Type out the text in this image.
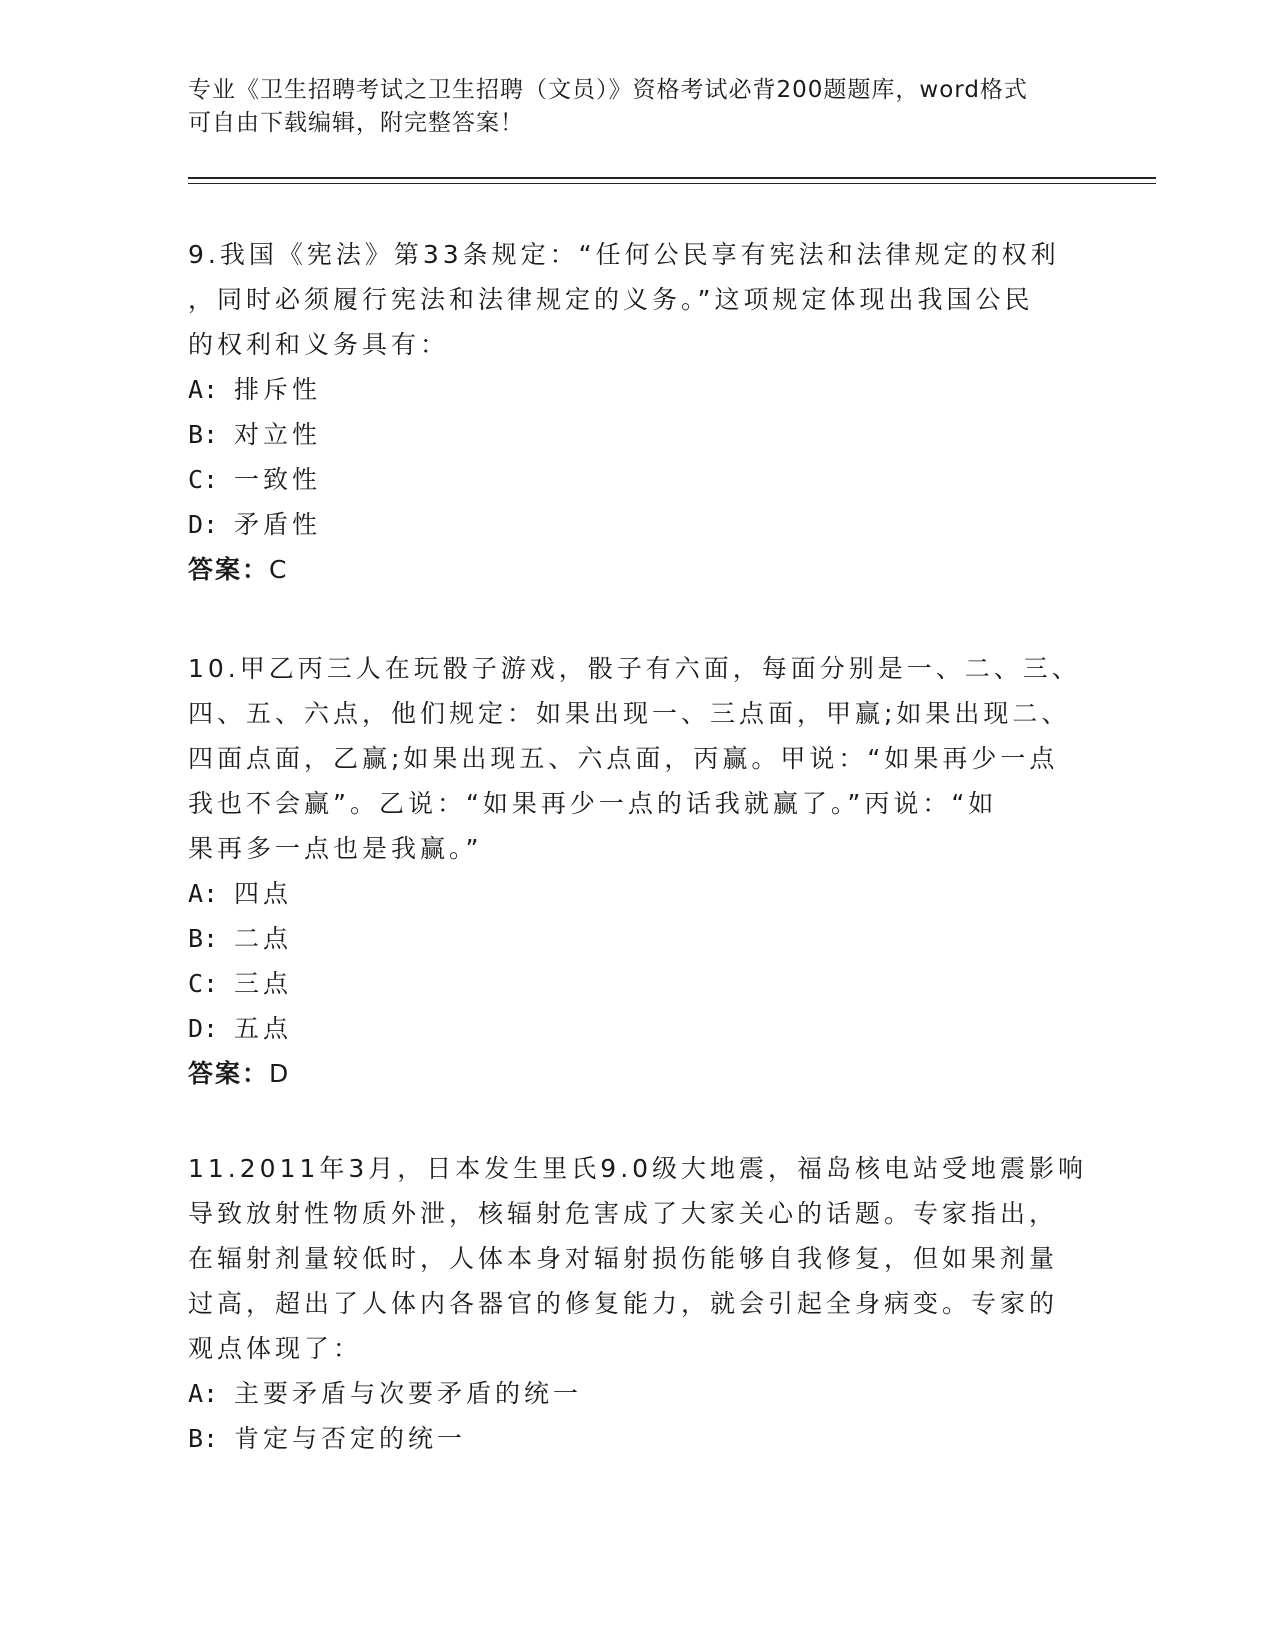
专业《卫生招聘考试之卫生招聘（文员）》资格考试必背200题题库，word格式
可自由下载编辑，附完整答案！
9.我国《宪法》第33条规定：“任何公民享有宪法和法律规定的权利
，同时必须履行宪法和法律规定的义务。”这项规定体现出我国公民
的权利和义务具有：
A: 排斥性
B: 对立性
C: 一致性
D: 矛盾性
答案：C
10.甲乙丙三人在玩骰子游戏，骰子有六面，每面分别是一、二、三、
四、五、六点，他们规定：如果出现一、三点面，甲赢;如果出现二、
四面点面，乙赢;如果出现五、六点面，丙赢。甲说：“如果再少一点
我也不会赢”。乙说：“如果再少一点的话我就赢了。”丙说：“如
果再多一点也是我赢。”
A: 四点
B: 二点
C: 三点
D: 五点
答案：D
11.2011年3月，日本发生里氏9.0级大地震，福岛核电站受地震影响
导致放射性物质外泄，核辐射危害成了大家关心的话题。专家指出，
在辐射剂量较低时，人体本身对辐射损伤能够自我修复，但如果剂量
过高，超出了人体内各器官的修复能力，就会引起全身病变。专家的
观点体现了：
A: 主要矛盾与次要矛盾的统一
B: 肯定与否定的统一
